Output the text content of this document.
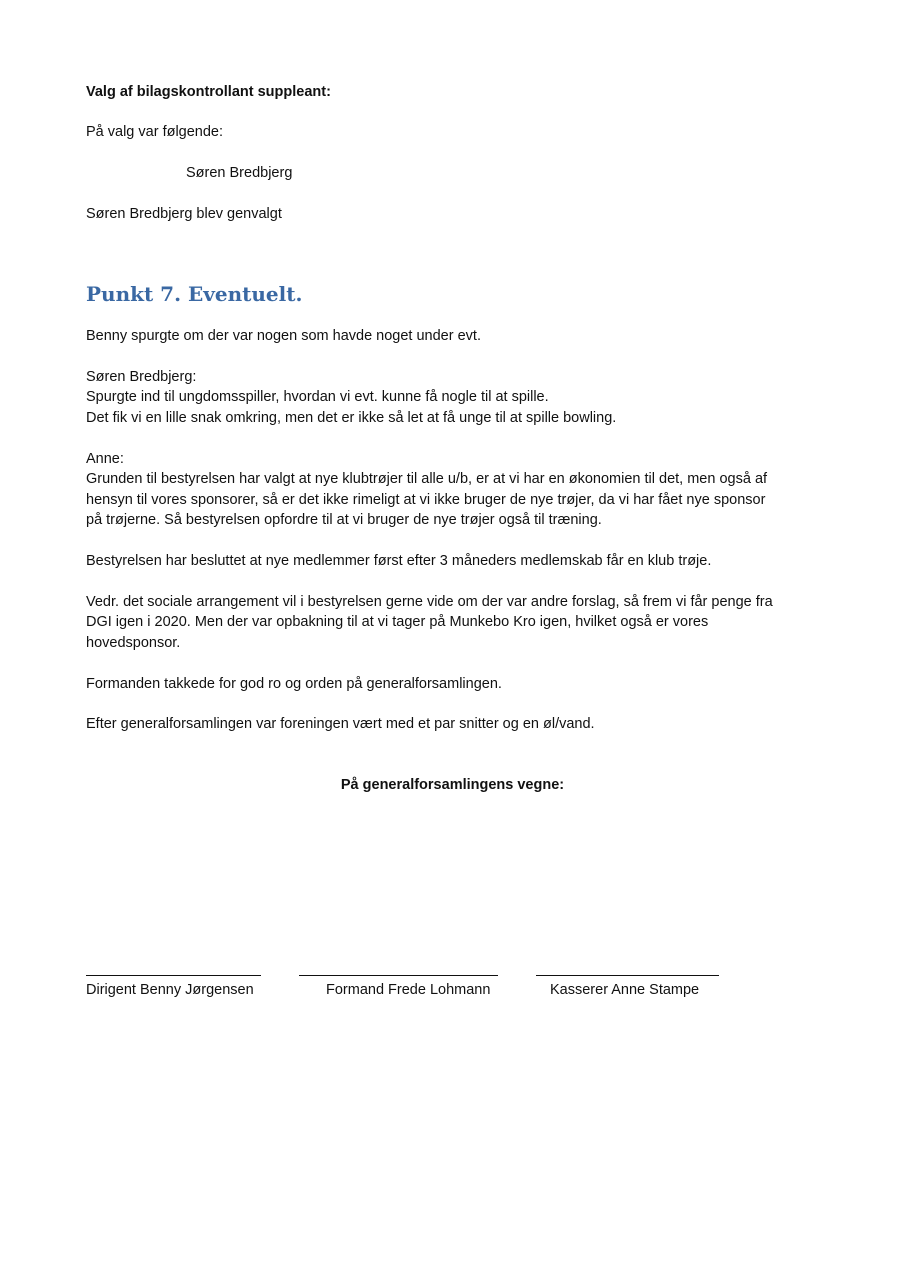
Valg af bilagskontrollant suppleant:

På valg var følgende:

Søren Bredbjerg

Søren Bredbjerg blev genvalgt

Punkt 7. Eventuelt.

Benny spurgte om der var nogen som havde noget under evt.

Søren Bredbjerg:

Spurgte ind til ungdomsspiller, hvordan vi evt. kunne få nogle til at spille.

Det fik vi en lille snak omkring, men det er ikke så let at få unge til at spille bowling.

Anne:

Grunden til bestyrelsen har valgt at nye klubtrøjer til alle u/b, er at vi har en økonomien til det, men også af

hensyn til vores sponsorer, så er det ikke rimeligt at vi ikke bruger de nye trøjer, da vi har fået nye sponsor

på trøjerne. Så bestyrelsen opfordre til at vi bruger de nye trøjer også til træning.

Bestyrelsen har besluttet at nye medlemmer først efter 3 måneders medlemskab får en klub trøje.

Vedr. det sociale arrangement vil i bestyrelsen gerne vide om der var andre forslag, så frem vi får penge fra

DGI igen i 2020. Men der var opbakning til at vi tager på Munkebo Kro igen, hvilket også er vores

hovedsponsor.

Formanden takkede for god ro og orden på generalforsamlingen.

Efter generalforsamlingen var foreningen vært med et par snitter og en øl/vand.

På generalforsamlingens vegne:

Dirigent Benny Jørgensen	Formand Frede Lohmann	Kasserer Anne Stampe
